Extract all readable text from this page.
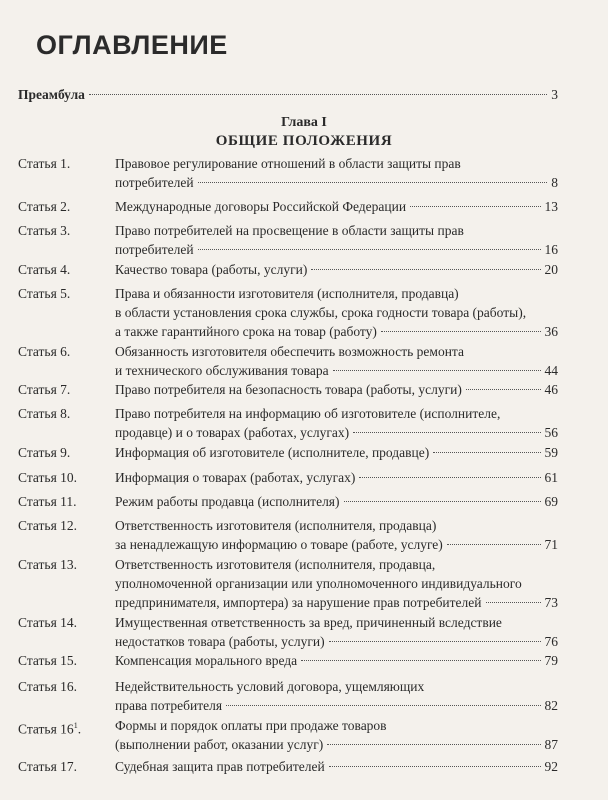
ОГЛАВЛЕНИЕ
Преамбула	3
Глава I
ОБЩИЕ ПОЛОЖЕНИЯ
Статья 1.	Правовое регулирование отношений в области защиты прав
потребителей	8
Статья 2.	Международные договоры Российской Федерации	13
Статья 3.	Право потребителей на просвещение в области защиты прав
потребителей	16
Статья 4.	Качество товара (работы, услуги)	20
Статья 5.	Права и обязанности изготовителя (исполнителя, продавца)
в области установления срока службы, срока годности товара (работы),
а также гарантийного срока на товар (работу)	36
Статья 6.	Обязанность изготовителя обеспечить возможность ремонта
и технического обслуживания товара	44
Статья 7.	Право потребителя на безопасность товара (работы, услуги)	46
Статья 8.	Право потребителя на информацию об изготовителе (исполнителе,
продавце) и о товарах (работах, услугах)	56
Статья 9.	Информация об изготовителе (исполнителе, продавце)	59
Статья 10.	Информация о товарах (работах, услугах)	61
Статья 11.	Режим работы продавца (исполнителя)	69
Статья 12.	Ответственность изготовителя (исполнителя, продавца)
за ненадлежащую информацию о товаре (работе, услуге)	71
Статья 13.	Ответственность изготовителя (исполнителя, продавца,
уполномоченной организации или уполномоченного индивидуального
предпринимателя, импортера) за нарушение прав потребителей	73
Статья 14.	Имущественная ответственность за вред, причиненный вследствие
недостатков товара (работы, услуги)	76
Статья 15.	Компенсация морального вреда	79
Статья 16.	Недействительность условий договора, ущемляющих
права потребителя	82
Статья $16^1$.	Формы и порядок оплаты при продаже товаров
(выполнении работ, оказании услуг)	87
Статья 17.	Судебная защита прав потребителей	92
